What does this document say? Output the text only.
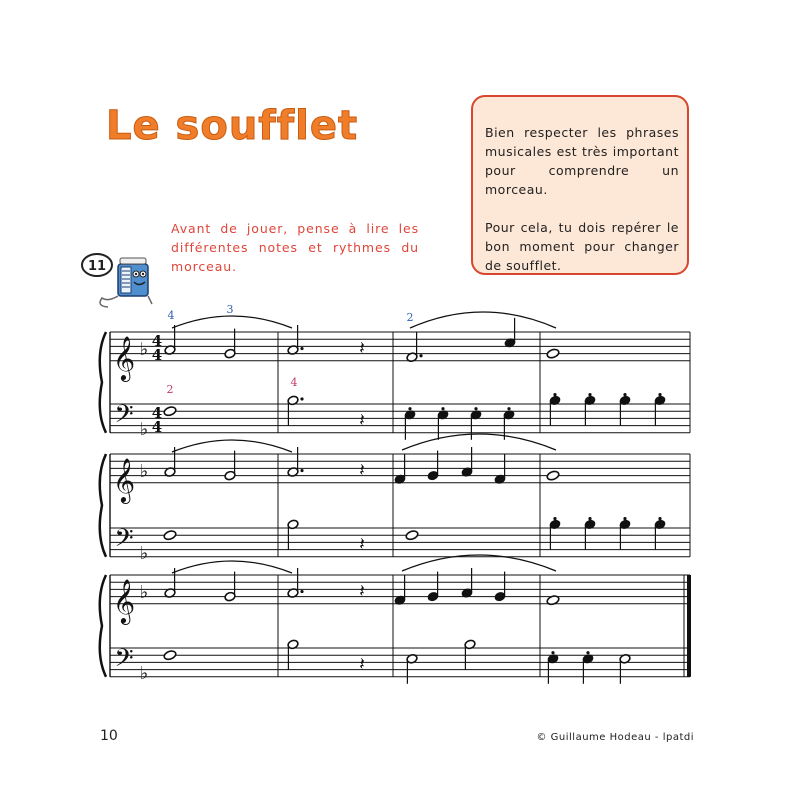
Le soufflet
Avant de jouer, pense à lire les différentes notes et rythmes du morceau.

Bien respecter les phrases musicales est très important pour comprendre un morceau.

Pour cela, tu dois repérer le bon moment pour changer de soufflet.

11
𝄞
𝄢
♭
♭
𝄞
𝄢
♭
♭
𝄞
𝄢
♭
♭
4
4
4
4
𝄽
𝄽
4	3
2
2
4
𝄽
𝄽
𝄽
𝄽
10	© Guillaume Hodeau - lpatdi
